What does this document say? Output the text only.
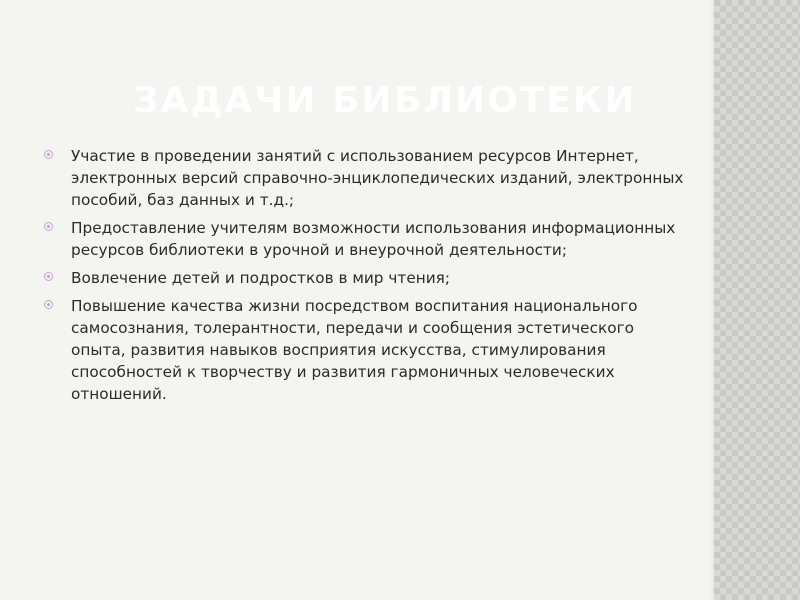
ЗАДАЧИ БИБЛИОТЕКИ
Участие в проведении занятий с использованием ресурсов Интернет, электронных версий справочно-энциклопедических изданий, электронных пособий, баз данных и т.д.;
Предоставление учителям возможности использования информационных ресурсов библиотеки в урочной и внеурочной деятельности;
Вовлечение детей и подростков в мир чтения;
Повышение качества жизни посредством воспитания национального самосознания, толерантности, передачи и сообщения эстетического опыта, развития навыков восприятия искусства, стимулирования способностей к творчеству и развития гармоничных человеческих отношений.
